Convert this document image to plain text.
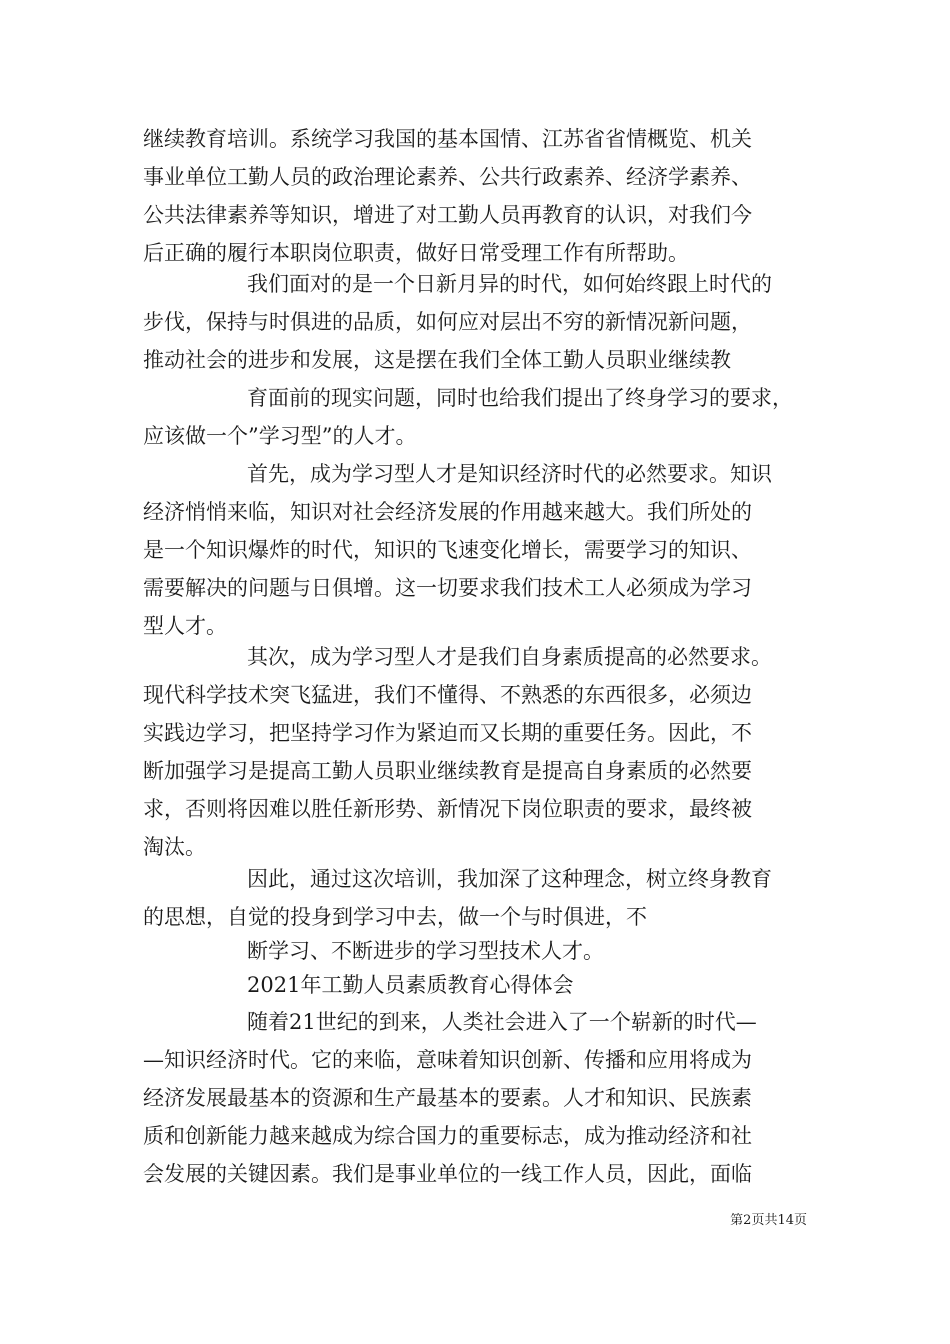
继续教育培训。系统学习我国的基本国情、江苏省省情概览、机关
事业单位工勤人员的政治理论素养、公共行政素养、经济学素养、
公共法律素养等知识，增进了对工勤人员再教育的认识，对我们今
后正确的履行本职岗位职责，做好日常受理工作有所帮助。
我们面对的是一个日新月异的时代，如何始终跟上时代的
步伐，保持与时俱进的品质，如何应对层出不穷的新情况新问题，
推动社会的进步和发展，这是摆在我们全体工勤人员职业继续教
育面前的现实问题，同时也给我们提出了终身学习的要求，
应该做一个”学习型”的人才。
首先，成为学习型人才是知识经济时代的必然要求。知识
经济悄悄来临，知识对社会经济发展的作用越来越大。我们所处的
是一个知识爆炸的时代，知识的飞速变化增长，需要学习的知识、
需要解决的问题与日俱增。这一切要求我们技术工人必须成为学习
型人才。
其次，成为学习型人才是我们自身素质提高的必然要求。
现代科学技术突飞猛进，我们不懂得、不熟悉的东西很多，必须边
实践边学习，把坚持学习作为紧迫而又长期的重要任务。因此，不
断加强学习是提高工勤人员职业继续教育是提高自身素质的必然要
求，否则将因难以胜任新形势、新情况下岗位职责的要求，最终被
淘汰。
因此，通过这次培训，我加深了这种理念，树立终身教育
的思想，自觉的投身到学习中去，做一个与时俱进，不
断学习、不断进步的学习型技术人才。
2021年工勤人员素质教育心得体会
随着21世纪的到来，人类社会进入了一个崭新的时代—
—知识经济时代。它的来临，意味着知识创新、传播和应用将成为
经济发展最基本的资源和生产最基本的要素。人才和知识、民族素
质和创新能力越来越成为综合国力的重要标志，成为推动经济和社
会发展的关键因素。我们是事业单位的一线工作人员，因此，面临
第2页共14页
